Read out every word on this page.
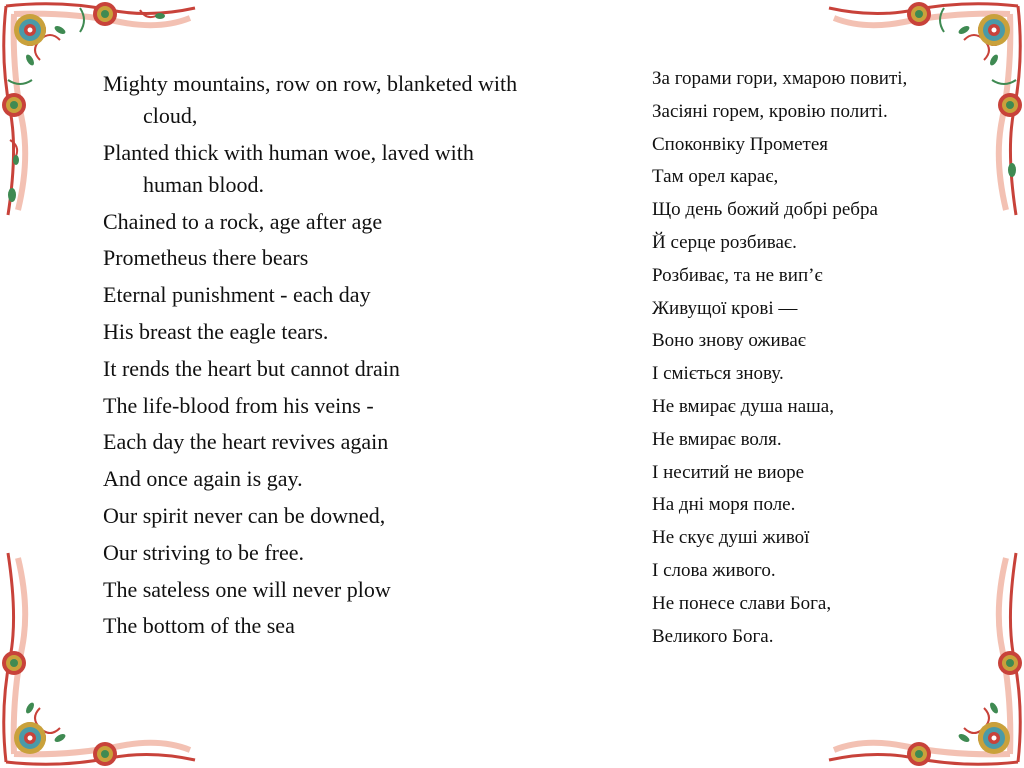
Mighty mountains, row on row, blanketed with cloud,
Planted thick with human woe, laved with human blood.
Chained to a rock, age after age
Prometheus there bears
Eternal punishment - each day
His breast the eagle tears.
It rends the heart but cannot drain
The life-blood from his veins -
Each day the heart revives again
And once again is gay.
Our spirit never can be downed,
Our striving to be free.
The sateless one will never plow
The bottom of the sea
За горами гори, хмарою повиті,
Засіяні горем, кровію политі.
Споконвіку Прометея
Там орел карає,
Що день божий добрі ребра
Й серце розбиває.
Розбиває, та не вип’є
Живущої крові —
Воно знову оживає
І сміється знову.
Не вмирає душа наша,
Не вмирає воля.
І неситий не виоре
На дні моря поле.
Не скує душі живої
І слова живого.
Не понесе слави Бога,
Великого Бога.
